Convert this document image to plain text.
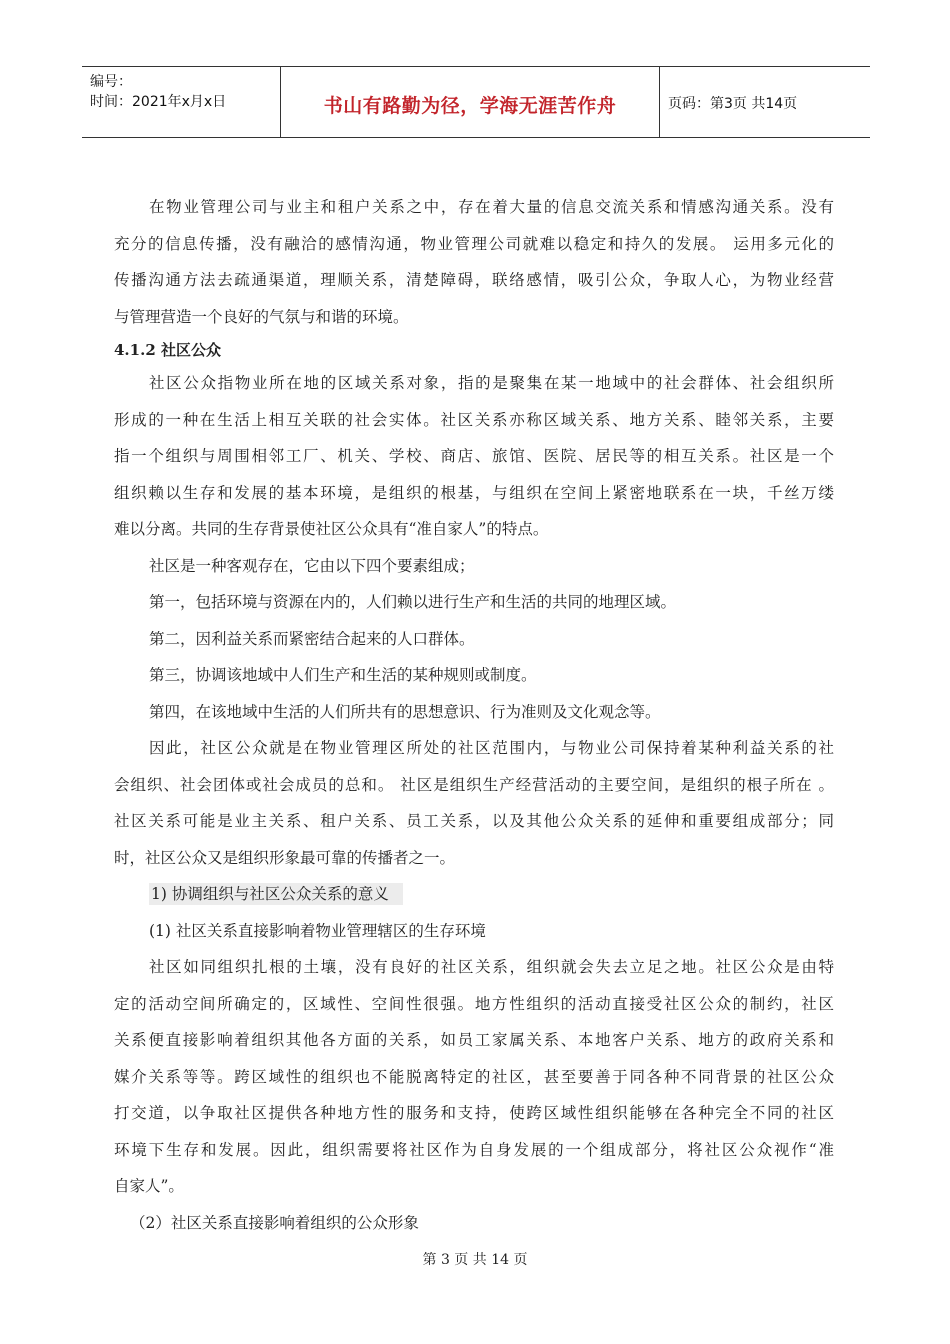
编号：
时间：2021年x月x日	书山有路勤为径，学海无涯苦作舟	页码：第3页 共14页
在物业管理公司与业主和租户关系之中，存在着大量的信息交流关系和情感沟通关系。没有
充分的信息传播，没有融洽的感情沟通，物业管理公司就难以稳定和持久的发展。 运用多元化的
传播沟通方法去疏通渠道，理顺关系，清楚障碍，联络感情，吸引公众，争取人心，为物业经营
与管理营造一个良好的气氛与和谐的环境。
4.1.2 社区公众
社区公众指物业所在地的区域关系对象，指的是聚集在某一地域中的社会群体、社会组织所
形成的一种在生活上相互关联的社会实体。社区关系亦称区域关系、地方关系、睦邻关系，主要
指一个组织与周围相邻工厂、机关、学校、商店、旅馆、医院、居民等的相互关系。社区是一个
组织赖以生存和发展的基本环境，是组织的根基，与组织在空间上紧密地联系在一块，千丝万缕
难以分离。共同的生存背景使社区公众具有“准自家人”的特点。
社区是一种客观存在，它由以下四个要素组成；
第一，包括环境与资源在内的，人们赖以进行生产和生活的共同的地理区域。
第二，因利益关系而紧密结合起来的人口群体。
第三，协调该地域中人们生产和生活的某种规则或制度。
第四，在该地域中生活的人们所共有的思想意识、行为准则及文化观念等。
因此，社区公众就是在物业管理区所处的社区范围内，与物业公司保持着某种利益关系的社
会组织、社会团体或社会成员的总和。 社区是组织生产经营活动的主要空间，是组织的根子所在 。
社区关系可能是业主关系、租户关系、员工关系，以及其他公众关系的延伸和重要组成部分；同
时，社区公众又是组织形象最可靠的传播者之一。
1) 协调组织与社区公众关系的意义
(1) 社区关系直接影响着物业管理辖区的生存环境
社区如同组织扎根的土壤，没有良好的社区关系，组织就会失去立足之地。社区公众是由特
定的活动空间所确定的，区域性、空间性很强。地方性组织的活动直接受社区公众的制约，社区
关系便直接影响着组织其他各方面的关系，如员工家属关系、本地客户关系、地方的政府关系和
媒介关系等等。跨区域性的组织也不能脱离特定的社区，甚至要善于同各种不同背景的社区公众
打交道，以争取社区提供各种地方性的服务和支持，使跨区域性组织能够在各种完全不同的社区
环境下生存和发展。因此，组织需要将社区作为自身发展的一个组成部分，将社区公众视作“准
自家人”。
（2）社区关系直接影响着组织的公众形象
第 3 页 共 14 页
